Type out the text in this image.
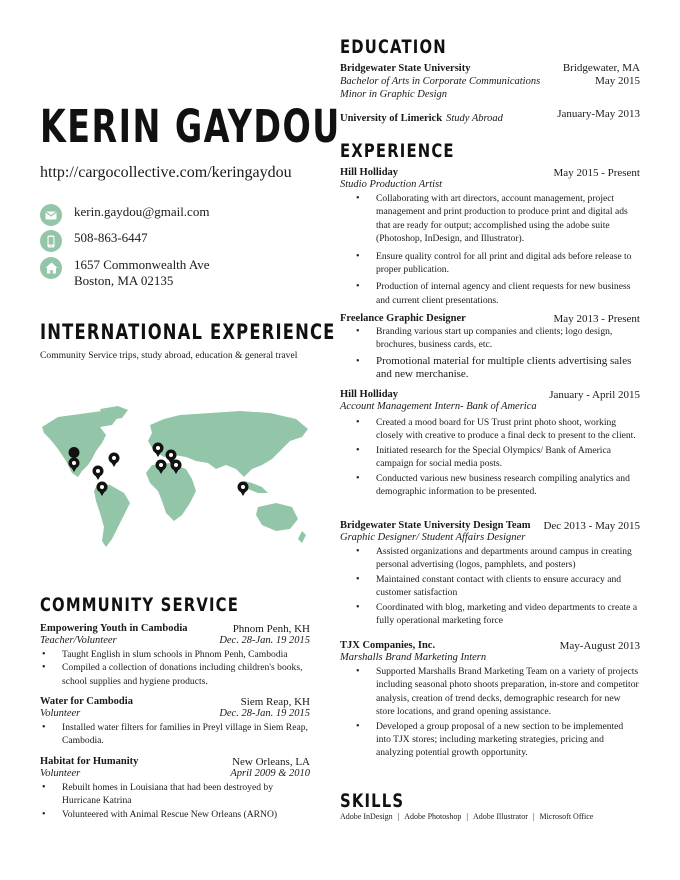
KERIN GAYDOU
http://cargocollective.com/keringaydou
kerin.gaydou@gmail.com
508-863-6447
1657 Commonwealth Ave
Boston, MA 02135
INTERNATIONAL EXPERIENCE
Community Service trips, study abroad, education & general travel
COMMUNITY SERVICE
Empowering Youth in Cambodia	Phnom Penh, KH
Teacher/Volunteer	Dec. 28-Jan. 19 2015
• Taught English in slum schools in Phnom Penh, Cambodia
• Compiled a collection of donations including children's books, school supplies and hygiene products.
Water for Cambodia	Siem Reap, KH
Volunteer	Dec. 28-Jan. 19 2015
• Installed water filters for families in Preyl village in Siem Reap, Cambodia.
Habitat for Humanity	New Orleans, LA
Volunteer	April 2009 & 2010
• Rebuilt homes in Louisiana that had been destroyed by Hurricane Katrina
• Volunteered with Animal Rescue New Orleans (ARNO)
EDUCATION
Bridgewater State University	Bridgewater, MA
Bachelor of Arts in Corporate Communications	May 2015
Minor in Graphic Design
University of Limerick Study Abroad	January-May 2013
EXPERIENCE
Hill Holliday	May 2015 - Present
Studio Production Artist
• Collaborating with art directors, account management, project management and print production to produce print and digital ads that are ready for output; accomplished using the adobe suite (Photoshop, InDesign, and Illustrator).
• Ensure quality control for all print and digital ads before release to proper publication.
• Production of internal agency and client requests for new business and current client presentations.
Freelance Graphic Designer	May 2013 - Present
• Branding various start up companies and clients; logo design, brochures, business cards, etc.
• Promotional material for multiple clients advertising sales and new merchanise.
Hill Holliday	January - April 2015
Account Management Intern- Bank of America
• Created a mood board for US Trust print photo shoot, working closely with creative to produce a final deck to present to the client.
• Initiated research for the Special Olympics/ Bank of America campaign for social media posts.
• Conducted various new business research compiling analytics and demographic information to be presented.
Bridgewater State University Design Team Dec 2013 - May 2015
Graphic Designer/ Student Affairs Designer
• Assisted organizations and departments around campus in creating personal advertising (logos, pamphlets, and posters)
• Maintained constant contact with clients to ensure accuracy and customer satisfaction
• Coordinated with blog, marketing and video departments to create a fully operational marketing force
TJX Companies, Inc.	May-August 2013
Marshalls Brand Marketing Intern
• Supported Marshalls Brand Marketing Team on a variety of projects including seasonal photo shoots preparation, in-store and competitor analysis, creation of trend decks, demographic research for new store locations, and grand opening assistance.
• Developed a group proposal of a new section to be implemented into TJX stores; including marketing strategies, pricing and analyzing potential growth opportunity.
SKILLS
Adobe InDesign | Adobe Photoshop | Adobe Illustrator | Microsoft Office
